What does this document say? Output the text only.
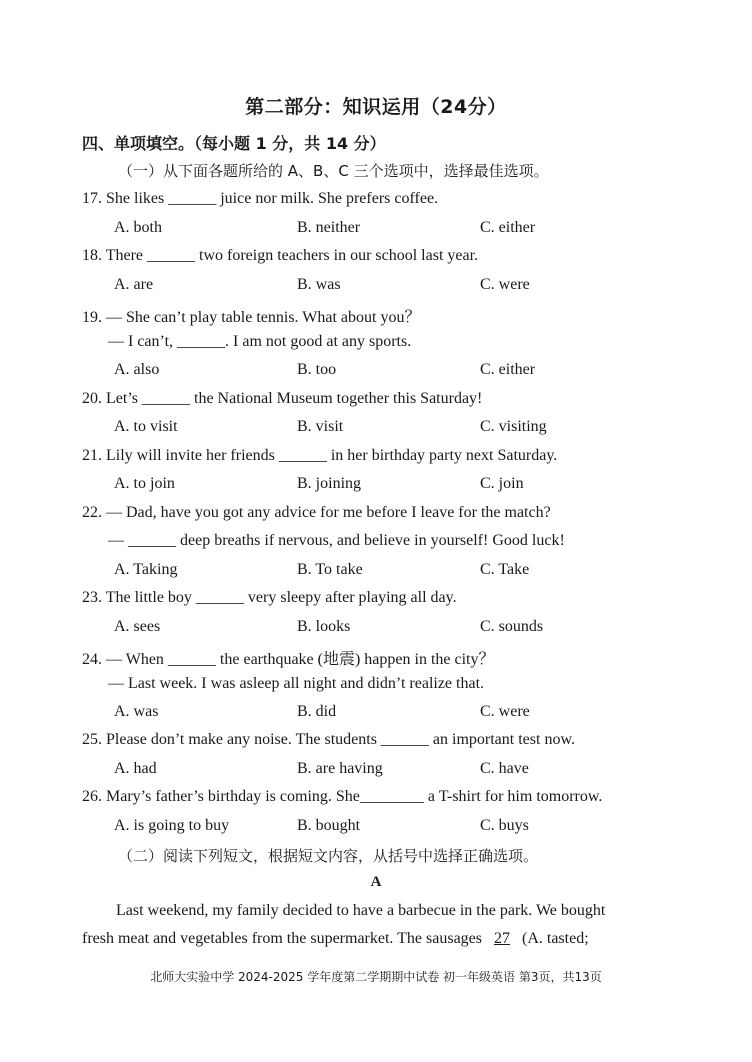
第二部分：知识运用（24分）
四、单项填空。（每小题 1 分，共 14 分）
（一）从下面各题所给的 A、B、C 三个选项中，选择最佳选项。
17. She likes ______ juice nor milk. She prefers coffee.
A. both	B. neither	C. either
18. There ______ two foreign teachers in our school last year.
A. are	B. was	C. were
19. — She can’t play table tennis. What about you？
— I can’t, ______. I am not good at any sports.
A. also	B. too	C. either
20. Let’s ______ the National Museum together this Saturday!
A. to visit	B. visit	C. visiting
21. Lily will invite her friends ______ in her birthday party next Saturday.
A. to join	B. joining	C. join
22. — Dad, have you got any advice for me before I leave for the match?
— ______ deep breaths if nervous, and believe in yourself! Good luck!
A. Taking	B. To take	C. Take
23. The little boy ______ very sleepy after playing all day.
A. sees	B. looks	C. sounds
24. — When ______ the earthquake (地震) happen in the city？
— Last week. I was asleep all night and didn’t realize that.
A. was	B. did	C. were
25. Please don’t make any noise. The students ______ an important test now.
A. had	B. are having	C. have
26. Mary’s father’s birthday is coming. She________ a T-shirt for him tomorrow.
A. is going to buy	B. bought	C. buys
（二）阅读下列短文，根据短文内容，从括号中选择正确选项。
A
Last weekend, my family decided to have a barbecue in the park. We bought
fresh meat and vegetables from the supermarket. The sausages 27 (A. tasted;
北师大实验中学 2024-2025 学年度第二学期期中试卷 初一年级英语 第3页，共13页
